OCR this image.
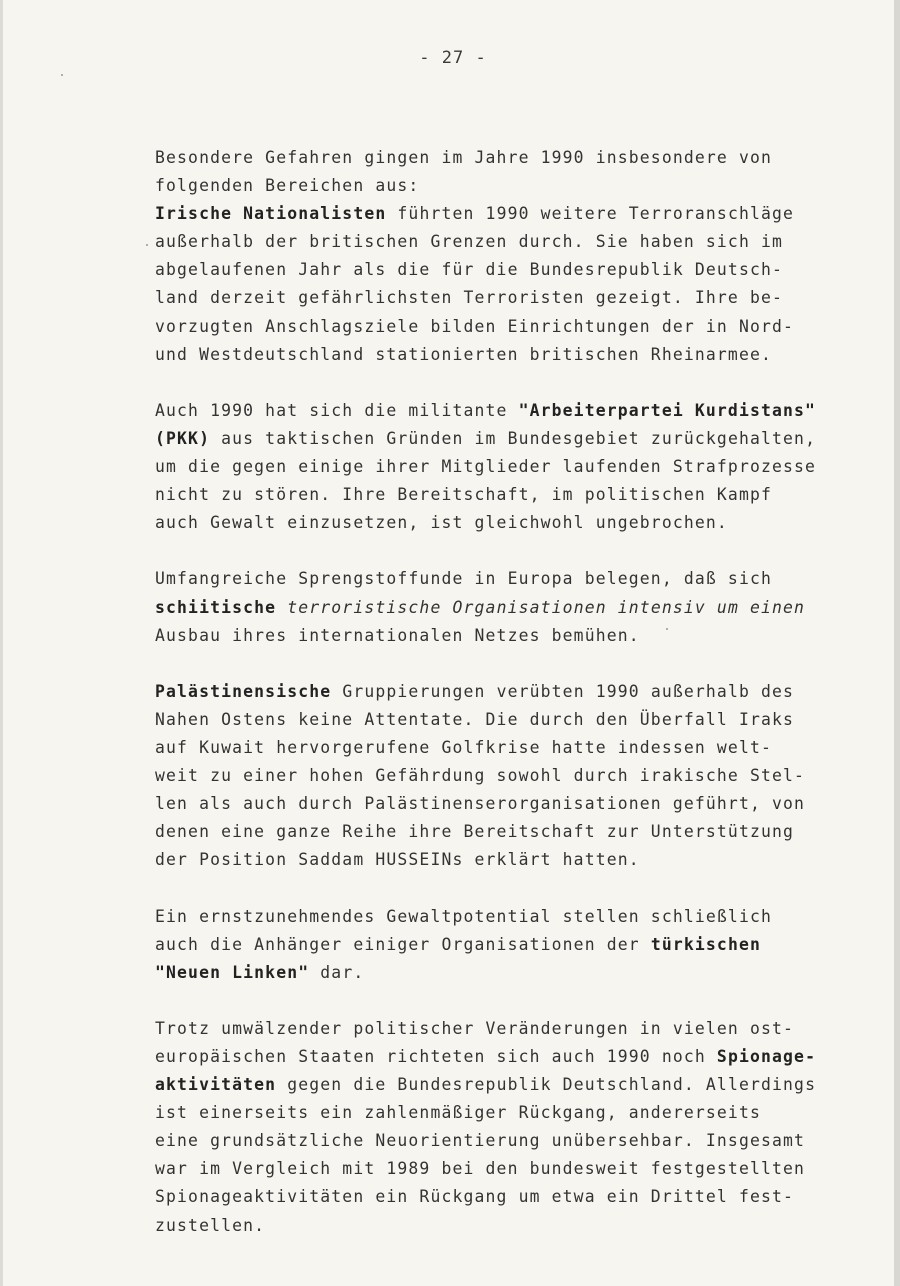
- 27 -
Besondere Gefahren gingen im Jahre 1990 insbesondere von
folgenden Bereichen aus:
Irische Nationalisten führten 1990 weitere Terroranschläge
außerhalb der britischen Grenzen durch. Sie haben sich im
abgelaufenen Jahr als die für die Bundesrepublik Deutsch-
land derzeit gefährlichsten Terroristen gezeigt. Ihre be-
vorzugten Anschlagsziele bilden Einrichtungen der in Nord-
und Westdeutschland stationierten britischen Rheinarmee.
Auch 1990 hat sich die militante "Arbeiterpartei Kurdistans"
(PKK) aus taktischen Gründen im Bundesgebiet zurückgehalten,
um die gegen einige ihrer Mitglieder laufenden Strafprozesse
nicht zu stören. Ihre Bereitschaft, im politischen Kampf
auch Gewalt einzusetzen, ist gleichwohl ungebrochen.
Umfangreiche Sprengstoffunde in Europa belegen, daß sich
schiitische terroristische Organisationen intensiv um einen
Ausbau ihres internationalen Netzes bemühen.
Palästinensische Gruppierungen verübten 1990 außerhalb des
Nahen Ostens keine Attentate. Die durch den Überfall Iraks
auf Kuwait hervorgerufene Golfkrise hatte indessen welt-
weit zu einer hohen Gefährdung sowohl durch irakische Stel-
len als auch durch Palästinenserorganisationen geführt, von
denen eine ganze Reihe ihre Bereitschaft zur Unterstützung
der Position Saddam HUSSEINs erklärt hatten.
Ein ernstzunehmendes Gewaltpotential stellen schließlich
auch die Anhänger einiger Organisationen der türkischen
"Neuen Linken" dar.
Trotz umwälzender politischer Veränderungen in vielen ost-
europäischen Staaten richteten sich auch 1990 noch Spionage-
aktivitäten gegen die Bundesrepublik Deutschland. Allerdings
ist einerseits ein zahlenmäßiger Rückgang, andererseits
eine grundsätzliche Neuorientierung unübersehbar. Insgesamt
war im Vergleich mit 1989 bei den bundesweit festgestellten
Spionageaktivitäten ein Rückgang um etwa ein Drittel fest-
zustellen.
